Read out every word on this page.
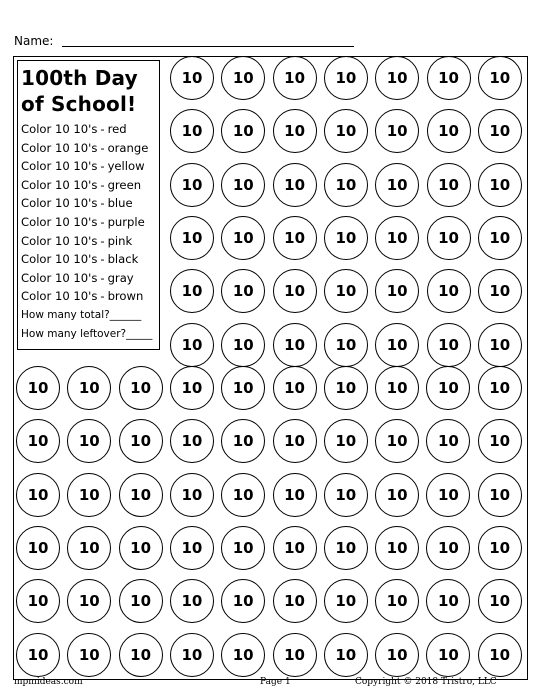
Name:
100th Day
of School!
Color 10 10's - red
Color 10 10's - orange
Color 10 10's - yellow
Color 10 10's - green
Color 10 10's - blue
Color 10 10's - purple
Color 10 10's - pink
Color 10 10's - black
Color 10 10's - gray
Color 10 10's - brown
How many total?______
How many leftover?_____
10	10	10	10	10	10	10
10	10	10	10	10	10	10
10	10	10	10	10	10	10
10	10	10	10	10	10	10
10	10	10	10	10	10	10
10	10	10	10	10	10	10
10	10	10	10	10	10	10	10	10	10
10	10	10	10	10	10	10	10	10	10
10	10	10	10	10	10	10	10	10	10
10	10	10	10	10	10	10	10	10	10
10	10	10	10	10	10	10	10	10	10
10	10	10	10	10	10	10	10	10	10
mpmideas.com	Page 1	Copyright © 2018 Tristro, LLC
